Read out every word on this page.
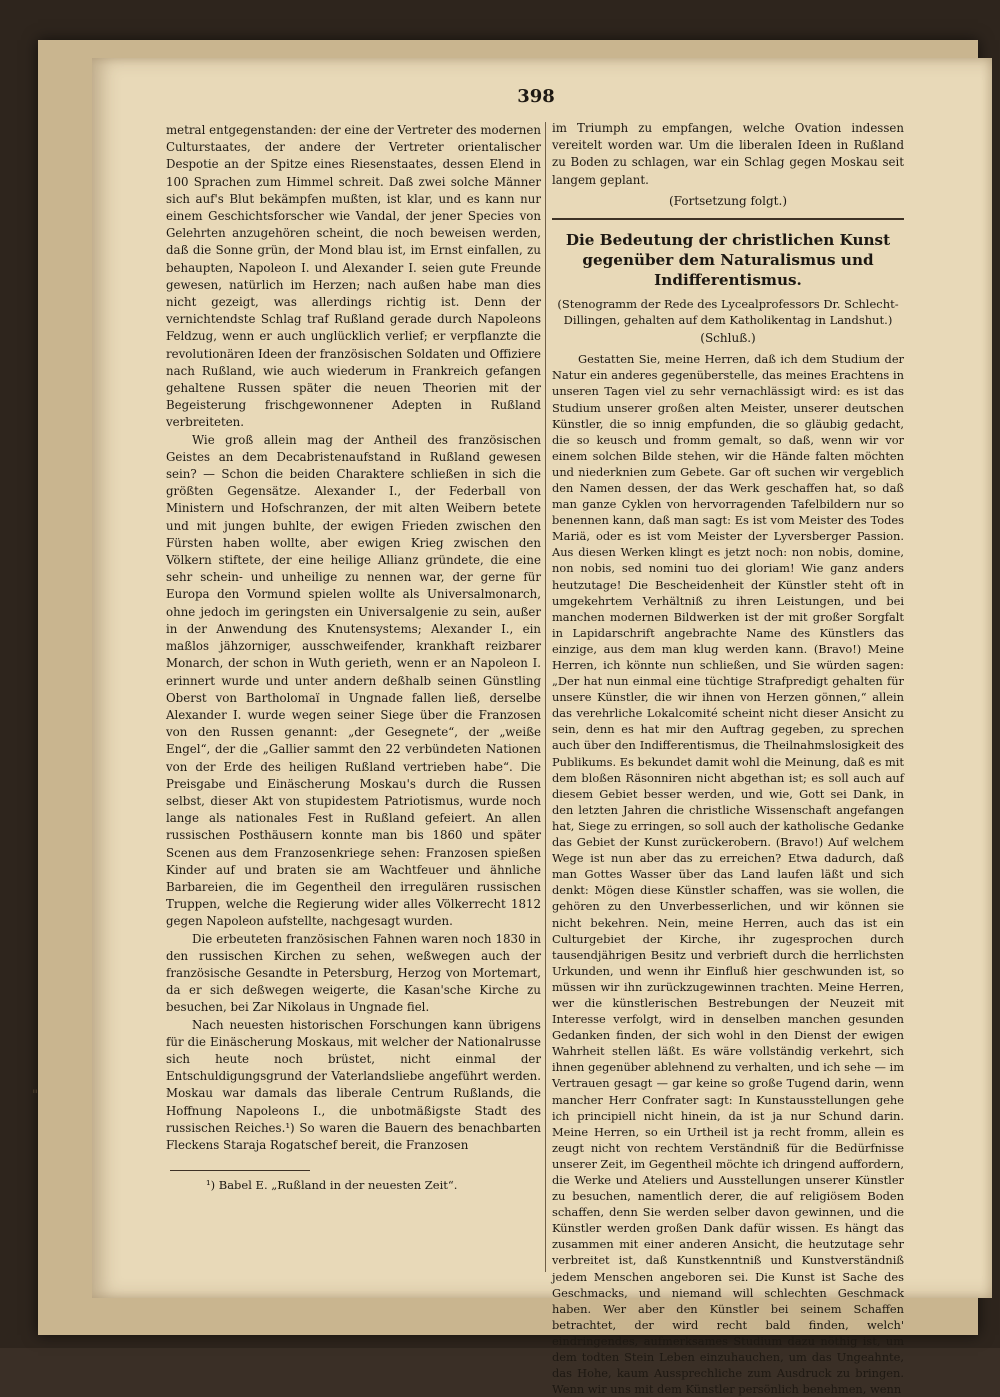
398

metral entgegenstanden: der eine der Vertreter des modernen Culturstaates, der andere der Vertreter orientalischer Despotie an der Spitze eines Riesenstaates, dessen Elend in 100 Sprachen zum Himmel schreit. Daß zwei solche Männer sich auf's Blut bekämpfen mußten, ist klar, und es kann nur einem Geschichtsforscher wie Vandal, der jener Species von Gelehrten anzugehören scheint, die noch beweisen werden, daß die Sonne grün, der Mond blau ist, im Ernst einfallen, zu behaupten, Napoleon I. und Alexander I. seien gute Freunde gewesen, natürlich im Herzen; nach außen habe man dies nicht gezeigt, was allerdings richtig ist. Denn der vernichtendste Schlag traf Rußland gerade durch Napoleons Feldzug, wenn er auch unglücklich verlief; er verpflanzte die revolutionären Ideen der französischen Soldaten und Offiziere nach Rußland, wie auch wiederum in Frankreich gefangen gehaltene Russen später die neuen Theorien mit der Begeisterung frischgewonnener Adepten in Rußland verbreiteten.

Wie groß allein mag der Antheil des französischen Geistes an dem Decabristenaufstand in Rußland gewesen sein? — Schon die beiden Charaktere schließen in sich die größten Gegensätze. Alexander I., der Federball von Ministern und Hofschranzen, der mit alten Weibern betete und mit jungen buhlte, der ewigen Frieden zwischen den Fürsten haben wollte, aber ewigen Krieg zwischen den Völkern stiftete, der eine heilige Allianz gründete, die eine sehr schein- und unheilige zu nennen war, der gerne für Europa den Vormund spielen wollte als Universalmonarch, ohne jedoch im geringsten ein Universalgenie zu sein, außer in der Anwendung des Knutensystems; Alexander I., ein maßlos jähzorniger, ausschweifender, krankhaft reizbarer Monarch, der schon in Wuth gerieth, wenn er an Napoleon I. erinnert wurde und unter andern deßhalb seinen Günstling Oberst von Bartholomaï in Ungnade fallen ließ, derselbe Alexander I. wurde wegen seiner Siege über die Franzosen von den Russen genannt: „der Gesegnete“, der „weiße Engel“, der die „Gallier sammt den 22 verbündeten Nationen von der Erde des heiligen Rußland vertrieben habe“. Die Preisgabe und Einäscherung Moskau's durch die Russen selbst, dieser Akt von stupidestem Patriotismus, wurde noch lange als nationales Fest in Rußland gefeiert. An allen russischen Posthäusern konnte man bis 1860 und später Scenen aus dem Franzosenkriege sehen: Franzosen spießen Kinder auf und braten sie am Wachtfeuer und ähnliche Barbareien, die im Gegentheil den irregulären russischen Truppen, welche die Regierung wider alles Völkerrecht 1812 gegen Napoleon aufstellte, nachgesagt wurden.

Die erbeuteten französischen Fahnen waren noch 1830 in den russischen Kirchen zu sehen, weßwegen auch der französische Gesandte in Petersburg, Herzog von Mortemart, da er sich deßwegen weigerte, die Kasan'sche Kirche zu besuchen, bei Zar Nikolaus in Ungnade fiel.

Nach neuesten historischen Forschungen kann übrigens für die Einäscherung Moskaus, mit welcher der Nationalrusse sich heute noch brüstet, nicht einmal der Entschuldigungsgrund der Vaterlandsliebe angeführt werden. Moskau war damals das liberale Centrum Rußlands, die Hoffnung Napoleons I., die unbotmäßigste Stadt des russischen Reiches.¹) So waren die Bauern des benachbarten Fleckens Staraja Rogatschef bereit, die Franzosen

¹) Babel E. „Rußland in der neuesten Zeit“.

im Triumph zu empfangen, welche Ovation indessen vereitelt worden war. Um die liberalen Ideen in Rußland zu Boden zu schlagen, war ein Schlag gegen Moskau seit langem geplant.

(Fortsetzung folgt.)

Die Bedeutung der christlichen Kunst gegenüber dem Naturalismus und Indifferentismus.
(Stenogramm der Rede des Lycealprofessors Dr. Schlecht-Dillingen, gehalten auf dem Katholikentag in Landshut.)
(Schluß.)

Gestatten Sie, meine Herren, daß ich dem Studium der Natur ein anderes gegenüberstelle, das meines Erachtens in unseren Tagen viel zu sehr vernachlässigt wird: es ist das Studium unserer großen alten Meister, unserer deutschen Künstler, die so innig empfunden, die so gläubig gedacht, die so keusch und fromm gemalt, so daß, wenn wir vor einem solchen Bilde stehen, wir die Hände falten möchten und niederknien zum Gebete. Gar oft suchen wir vergeblich den Namen dessen, der das Werk geschaffen hat, so daß man ganze Cyklen von hervorragenden Tafelbildern nur so benennen kann, daß man sagt: Es ist vom Meister des Todes Mariä, oder es ist vom Meister der Lyversberger Passion. Aus diesen Werken klingt es jetzt noch: non nobis, domine, non nobis, sed nomini tuo dei gloriam! Wie ganz anders heutzutage! Die Bescheidenheit der Künstler steht oft in umgekehrtem Verhältniß zu ihren Leistungen, und bei manchen modernen Bildwerken ist der mit großer Sorgfalt in Lapidarschrift angebrachte Name des Künstlers das einzige, aus dem man klug werden kann. (Bravo!) Meine Herren, ich könnte nun schließen, und Sie würden sagen: „Der hat nun einmal eine tüchtige Strafpredigt gehalten für unsere Künstler, die wir ihnen von Herzen gönnen,“ allein das verehrliche Lokalcomité scheint nicht dieser Ansicht zu sein, denn es hat mir den Auftrag gegeben, zu sprechen auch über den Indifferentismus, die Theilnahmslosigkeit des Publikums. Es bekundet damit wohl die Meinung, daß es mit dem bloßen Räsonniren nicht abgethan ist; es soll auch auf diesem Gebiet besser werden, und wie, Gott sei Dank, in den letzten Jahren die christliche Wissenschaft angefangen hat, Siege zu erringen, so soll auch der katholische Gedanke das Gebiet der Kunst zurückerobern. (Bravo!) Auf welchem Wege ist nun aber das zu erreichen? Etwa dadurch, daß man Gottes Wasser über das Land laufen läßt und sich denkt: Mögen diese Künstler schaffen, was sie wollen, die gehören zu den Unverbesserlichen, und wir können sie nicht bekehren. Nein, meine Herren, auch das ist ein Culturgebiet der Kirche, ihr zugesprochen durch tausendjährigen Besitz und verbrieft durch die herrlichsten Urkunden, und wenn ihr Einfluß hier geschwunden ist, so müssen wir ihn zurückzugewinnen trachten. Meine Herren, wer die künstlerischen Bestrebungen der Neuzeit mit Interesse verfolgt, wird in denselben manchen gesunden Gedanken finden, der sich wohl in den Dienst der ewigen Wahrheit stellen läßt. Es wäre vollständig verkehrt, sich ihnen gegenüber ablehnend zu verhalten, und ich sehe — im Vertrauen gesagt — gar keine so große Tugend darin, wenn mancher Herr Confrater sagt: In Kunstausstellungen gehe ich principiell nicht hinein, da ist ja nur Schund darin. Meine Herren, so ein Urtheil ist ja recht fromm, allein es zeugt nicht von rechtem Verständniß für die Bedürfnisse unserer Zeit, im Gegentheil möchte ich dringend auffordern, die Werke und Ateliers und Ausstellungen unserer Künstler zu besuchen, namentlich derer, die auf religiösem Boden schaffen, denn Sie werden selber davon gewinnen, und die Künstler werden großen Dank dafür wissen. Es hängt das zusammen mit einer anderen Ansicht, die heutzutage sehr verbreitet ist, daß Kunstkenntniß und Kunstverständniß jedem Menschen angeboren sei. Die Kunst ist Sache des Geschmacks, und niemand will schlechten Geschmack haben. Wer aber den Künstler bei seinem Schaffen betrachtet, der wird recht bald finden, welch' eindringendes, aufmerksames Studium dazu nöthig ist, um dem todten Stein Leben einzuhauchen, um das Ungeahnte, das Hohe, kaum Aussprechliche zum Ausdruck zu bringen. Wenn wir uns mit dem Künstler persönlich benehmen, wenn

"
